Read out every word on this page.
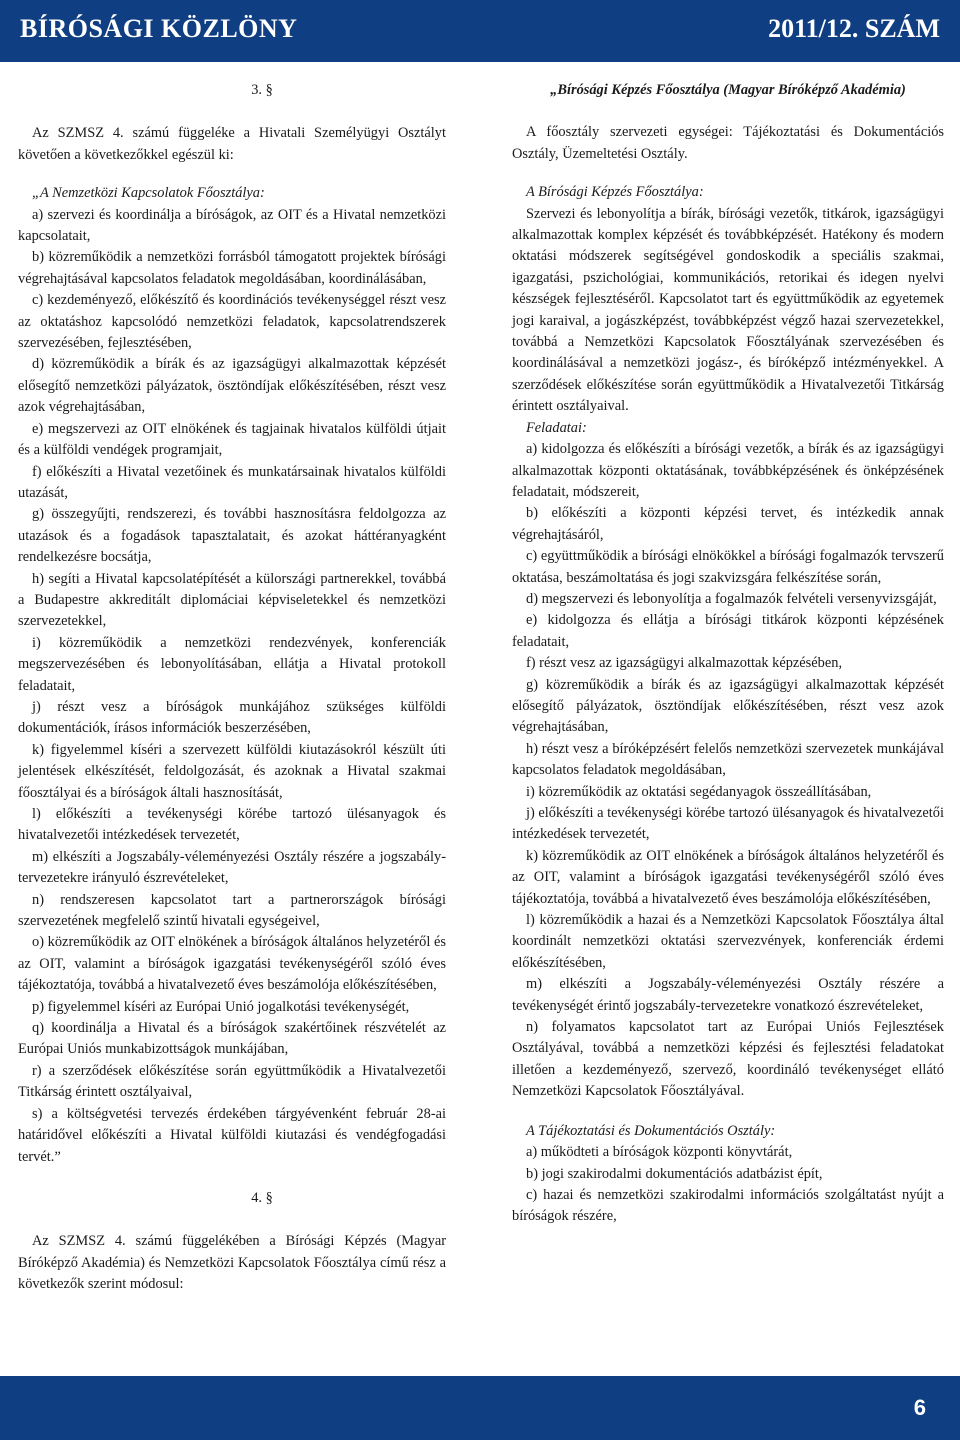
BÍRÓSÁGI KÖZLÖNY	2011/12. SZÁM

3. §

Az SZMSZ 4. számú függeléke a Hivatali Személyügyi Osztályt követően a következőkkel egészül ki:

„A Nemzetközi Kapcsolatok Főosztálya:

a) szervezi és koordinálja a bíróságok, az OIT és a Hivatal nemzetközi kapcsolatait,

b) közreműködik a nemzetközi forrásból támogatott projektek bírósági végrehajtásával kapcsolatos feladatok megoldásában, koordinálásában,

c) kezdeményező, előkészítő és koordinációs tevékenységgel részt vesz az oktatáshoz kapcsolódó nemzetközi feladatok, kapcsolatrendszerek szervezésében, fejlesztésében,

d) közreműködik a bírák és az igazságügyi alkalmazottak képzését elősegítő nemzetközi pályázatok, ösztöndíjak előkészítésében, részt vesz azok végrehajtásában,

e) megszervezi az OIT elnökének és tagjainak hivatalos külföldi útjait és a külföldi vendégek programjait,

f) előkészíti a Hivatal vezetőinek és munkatársainak hivatalos külföldi utazását,

g) összegyűjti, rendszerezi, és további hasznosításra feldolgozza az utazások és a fogadások tapasztalatait, és azokat háttéranyagként rendelkezésre bocsátja,

h) segíti a Hivatal kapcsolatépítését a külországi partnerekkel, továbbá a Budapestre akkreditált diplomáciai képviseletekkel és nemzetközi szervezetekkel,

i) közreműködik a nemzetközi rendezvények, konferenciák megszervezésében és lebonyolításában, ellátja a Hivatal protokoll feladatait,

j) részt vesz a bíróságok munkájához szükséges külföldi dokumentációk, írásos információk beszerzésében,

k) figyelemmel kíséri a szervezett külföldi kiutazásokról készült úti jelentések elkészítését, feldolgozását, és azoknak a Hivatal szakmai főosztályai és a bíróságok általi hasznosítását,

l) előkészíti a tevékenységi körébe tartozó ülésanyagok és hivatalvezetői intézkedések tervezetét,

m) elkészíti a Jogszabály-véleményezési Osztály részére a jogszabály-tervezetekre irányuló észrevételeket,

n) rendszeresen kapcsolatot tart a partnerországok bírósági szervezetének megfelelő szintű hivatali egységeivel,

o) közreműködik az OIT elnökének a bíróságok általános helyzetéről és az OIT, valamint a bíróságok igazgatási tevékenységéről szóló éves tájékoztatója, továbbá a hivatalvezető éves beszámolója előkészítésében,

p) figyelemmel kíséri az Európai Unió jogalkotási tevékenységét,

q) koordinálja a Hivatal és a bíróságok szakértőinek részvételét az Európai Uniós munkabizottságok munkájában,

r) a szerződések előkészítése során együttműködik a Hivatalvezetői Titkárság érintett osztályaival,

s) a költségvetési tervezés érdekében tárgyévenként február 28-ai határidővel előkészíti a Hivatal külföldi kiutazási és vendégfogadási tervét.”

4. §

Az SZMSZ 4. számú függelékében a Bírósági Képzés (Magyar Bíróképző Akadémia) és Nemzetközi Kapcsolatok Főosztálya című rész a következők szerint módosul:

„Bírósági Képzés Főosztálya (Magyar Bíróképző Akadémia)

A főosztály szervezeti egységei: Tájékoztatási és Dokumentációs Osztály, Üzemeltetési Osztály.

A Bírósági Képzés Főosztálya:

Szervezi és lebonyolítja a bírák, bírósági vezetők, titkárok, igazságügyi alkalmazottak komplex képzését és továbbképzését. Hatékony és modern oktatási módszerek segítségével gondoskodik a speciális szakmai, igazgatási, pszichológiai, kommunikációs, retorikai és idegen nyelvi készségek fejlesztéséről. Kapcsolatot tart és együttműködik az egyetemek jogi karaival, a jogászképzést, továbbképzést végző hazai szervezetekkel, továbbá a Nemzetközi Kapcsolatok Főosztályának szervezésében és koordinálásával a nemzetközi jogász-, és bíróképző intézményekkel. A szerződések előkészítése során együttműködik a Hivatalvezetői Titkárság érintett osztályaival.

Feladatai:

a) kidolgozza és előkészíti a bírósági vezetők, a bírák és az igazságügyi alkalmazottak központi oktatásának, továbbképzésének és önképzésének feladatait, módszereit,

b) előkészíti a központi képzési tervet, és intézkedik annak végrehajtásáról,

c) együttműködik a bírósági elnökökkel a bírósági fogalmazók tervszerű oktatása, beszámoltatása és jogi szakvizsgára felkészítése során,

d) megszervezi és lebonyolítja a fogalmazók felvételi versenyvizsgáját,

e) kidolgozza és ellátja a bírósági titkárok központi képzésének feladatait,

f) részt vesz az igazságügyi alkalmazottak képzésében,

g) közreműködik a bírák és az igazságügyi alkalmazottak képzését elősegítő pályázatok, ösztöndíjak előkészítésében, részt vesz azok végrehajtásában,

h) részt vesz a bíróképzésért felelős nemzetközi szervezetek munkájával kapcsolatos feladatok megoldásában,

i) közreműködik az oktatási segédanyagok összeállításában,

j) előkészíti a tevékenységi körébe tartozó ülésanyagok és hivatalvezetői intézkedések tervezetét,

k) közreműködik az OIT elnökének a bíróságok általános helyzetéről és az OIT, valamint a bíróságok igazgatási tevékenységéről szóló éves tájékoztatója, továbbá a hivatalvezető éves beszámolója előkészítésében,

l) közreműködik a hazai és a Nemzetközi Kapcsolatok Főosztálya által koordinált nemzetközi oktatási szervezvények, konferenciák érdemi előkészítésében,

m) elkészíti a Jogszabály-véleményezési Osztály részére a tevékenységét érintő jogszabály-tervezetekre vonatkozó észrevételeket,

n) folyamatos kapcsolatot tart az Európai Uniós Fejlesztések Osztályával, továbbá a nemzetközi képzési és fejlesztési feladatokat illetően a kezdeményező, szervező, koordináló tevékenységet ellátó Nemzetközi Kapcsolatok Főosztályával.

A Tájékoztatási és Dokumentációs Osztály:

a) működteti a bíróságok központi könyvtárát,

b) jogi szakirodalmi dokumentációs adatbázist épít,

c) hazai és nemzetközi szakirodalmi információs szolgáltatást nyújt a bíróságok részére,

6
